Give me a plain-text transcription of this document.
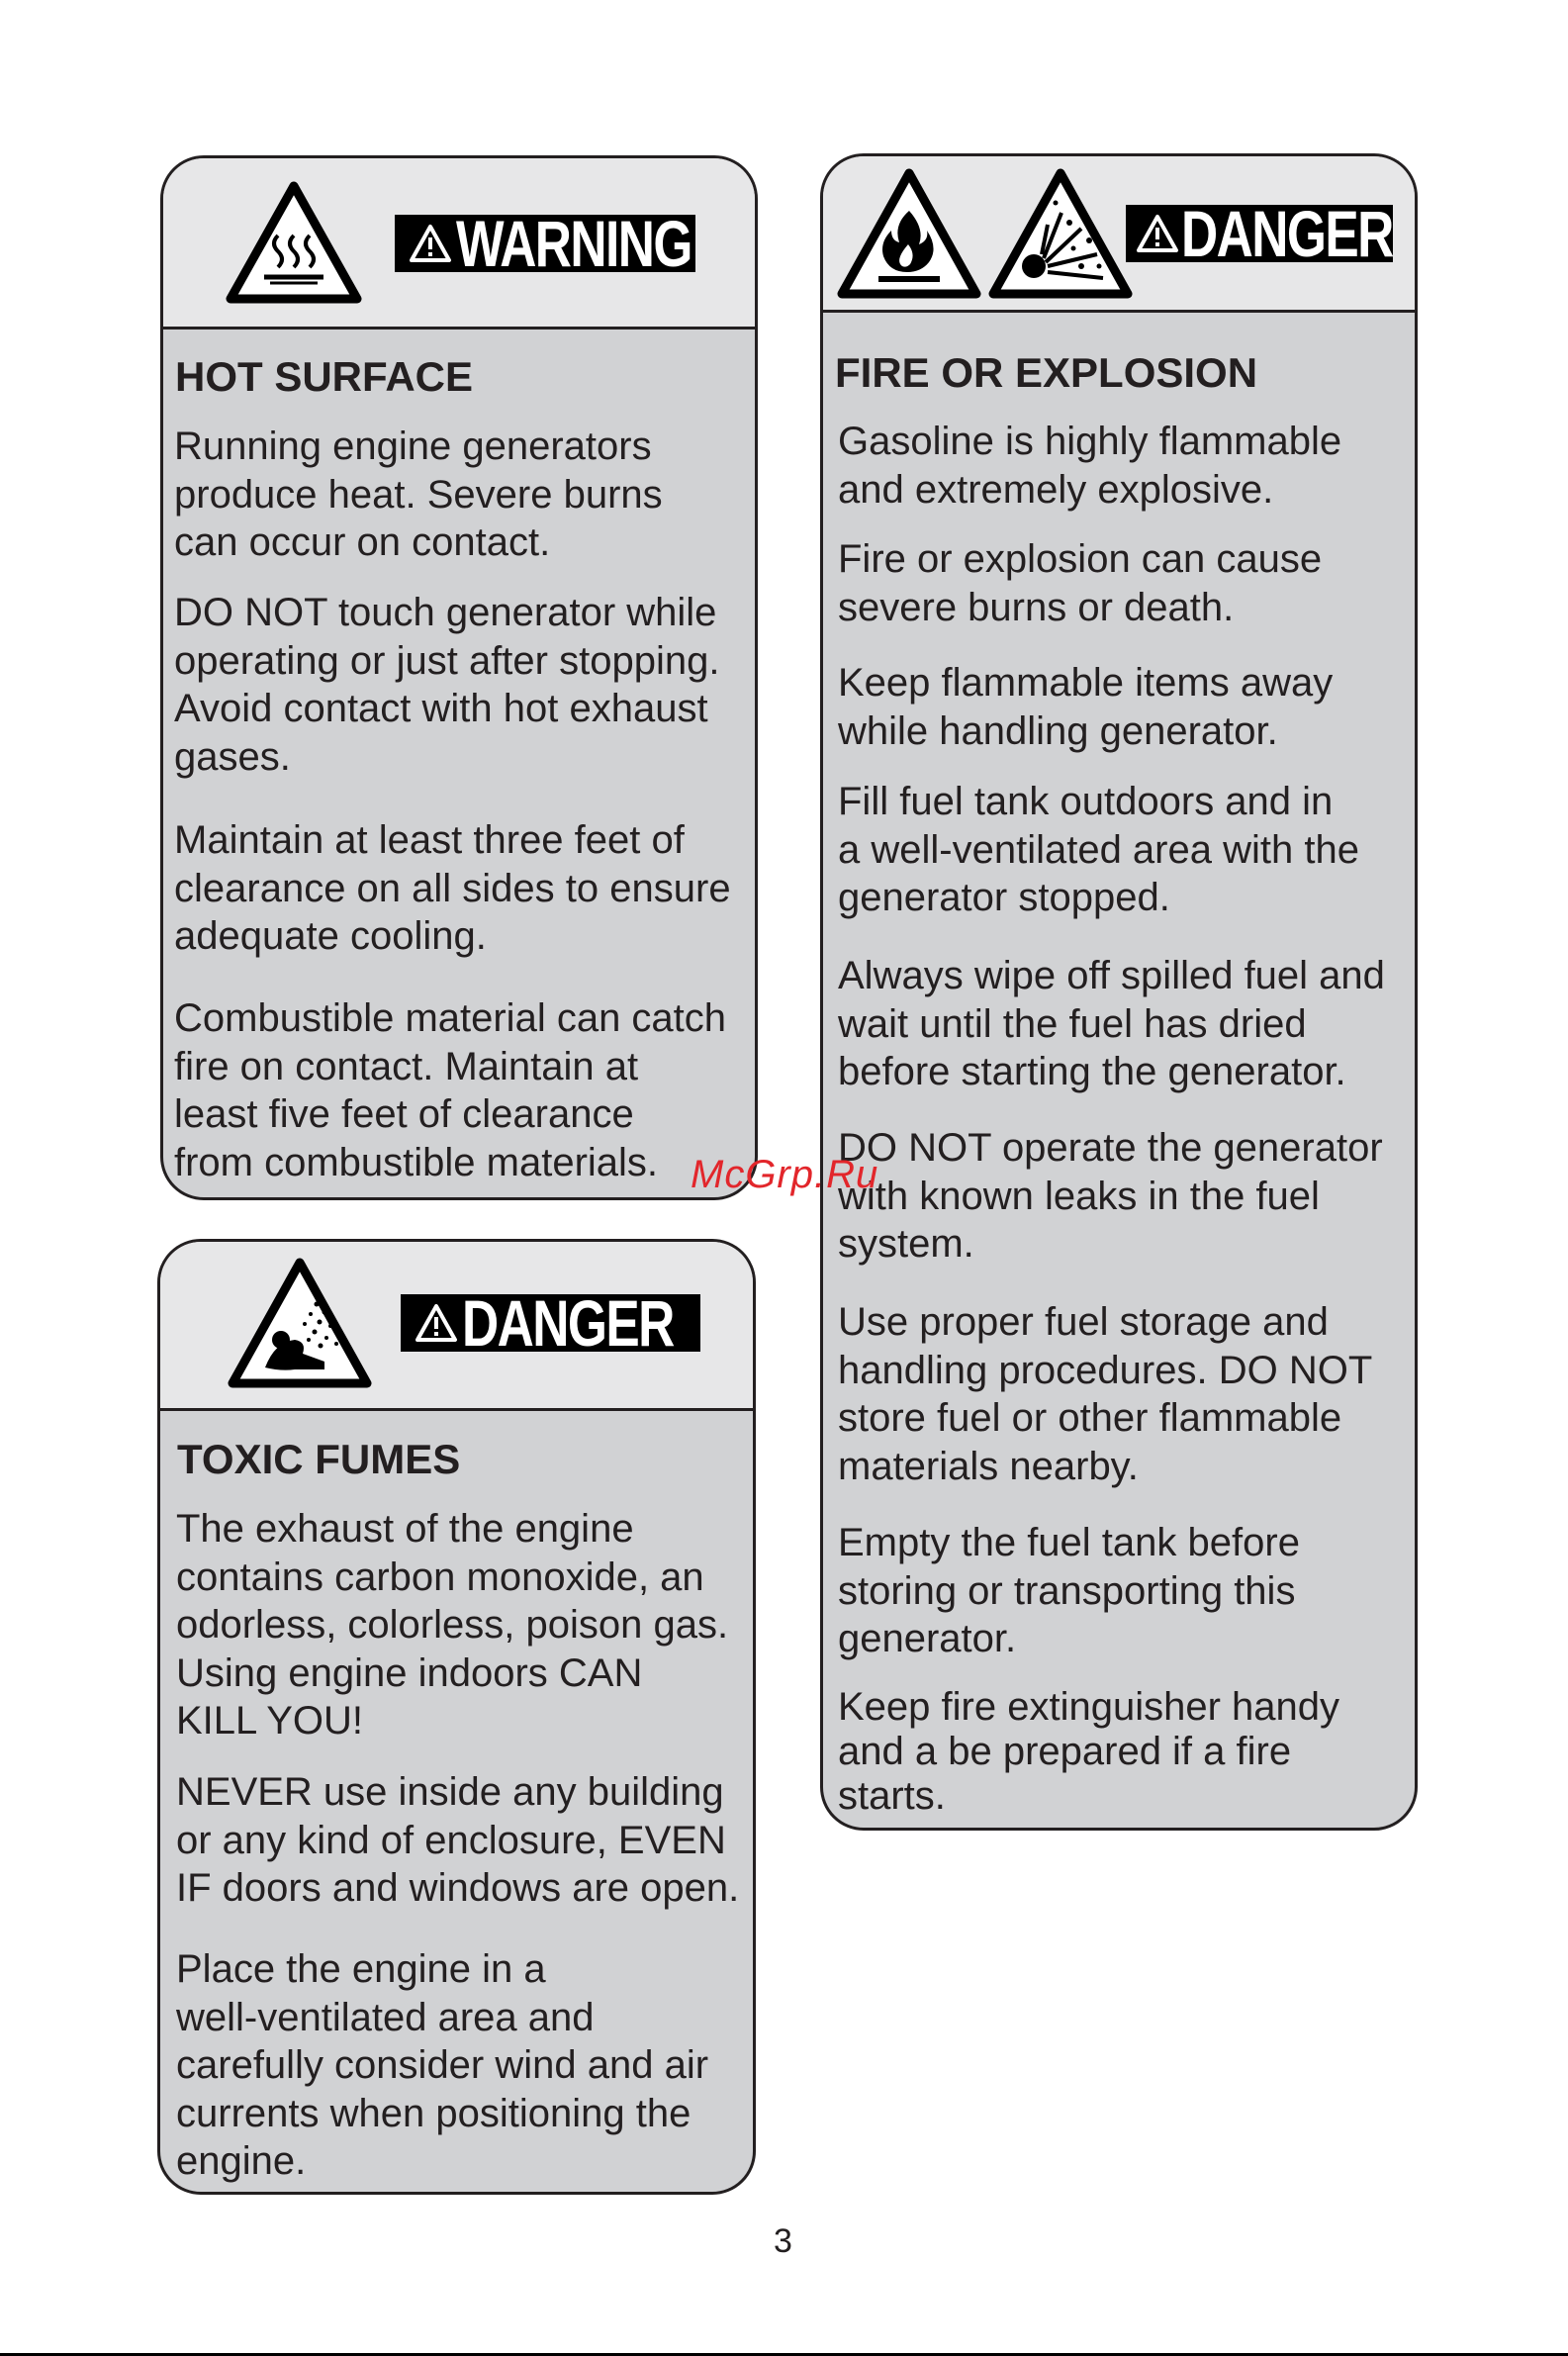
WARNING
HOT SURFACE
Running engine generators
produce heat. Severe burns
can occur on contact.
DO NOT touch generator while
operating or just after stopping.
Avoid contact with hot exhaust
gases.
Maintain at least three feet of
clearance on all sides to ensure
adequate cooling.
Combustible material can catch
fire on contact. Maintain at
least five feet of clearance
from combustible materials.
DANGER
TOXIC FUMES
The exhaust of the engine
contains carbon monoxide, an
odorless, colorless, poison gas.
Using engine indoors CAN
KILL YOU!
NEVER use inside any building
or any kind of enclosure, EVEN
IF doors and windows are open.
Place the engine in a
well-ventilated area and
carefully consider wind and air
currents when positioning the
engine.
DANGER
FIRE OR EXPLOSION
Gasoline is highly flammable
and extremely explosive.
Fire or explosion can cause
severe burns or death.
Keep flammable items away
while handling generator.
Fill fuel tank outdoors and in
a well-ventilated area with the
generator stopped.
Always wipe off spilled fuel and
wait until the fuel has dried
before starting the generator.
DO NOT operate the generator
with known leaks in the fuel
system.
Use proper fuel storage and
handling procedures. DO NOT
store fuel or other flammable
materials nearby.
Empty the fuel tank before
storing or transporting this
generator.
Keep fire extinguisher handy
and a be prepared if a fire
starts.
McGrp.Ru
3
